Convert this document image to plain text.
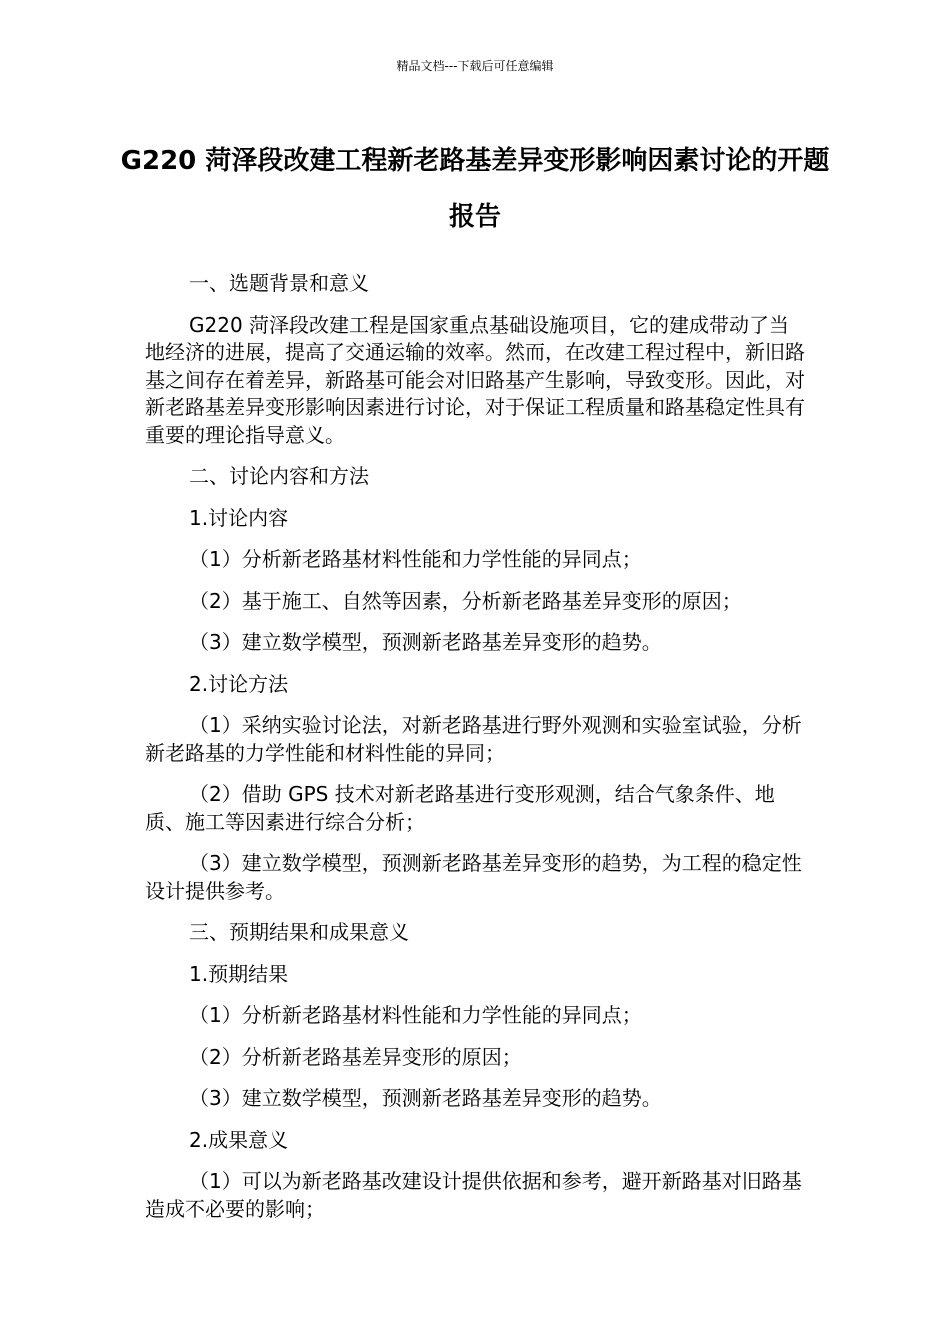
精品文档---下载后可任意编辑
G220 菏泽段改建工程新老路基差异变形影响因素讨论的开题报告

一、选题背景和意义

G220 菏泽段改建工程是国家重点基础设施项目，它的建成带动了当地经济的进展，提高了交通运输的效率。然而，在改建工程过程中，新旧路基之间存在着差异，新路基可能会对旧路基产生影响，导致变形。因此，对新老路基差异变形影响因素进行讨论，对于保证工程质量和路基稳定性具有重要的理论指导意义。

二、讨论内容和方法

1.讨论内容

（1）分析新老路基材料性能和力学性能的异同点；

（2）基于施工、自然等因素，分析新老路基差异变形的原因；

（3）建立数学模型，预测新老路基差异变形的趋势。

2.讨论方法

（1）采纳实验讨论法，对新老路基进行野外观测和实验室试验，分析新老路基的力学性能和材料性能的异同；

（2）借助 GPS 技术对新老路基进行变形观测，结合气象条件、地质、施工等因素进行综合分析；

（3）建立数学模型，预测新老路基差异变形的趋势，为工程的稳定性设计提供参考。

三、预期结果和成果意义

1.预期结果

（1）分析新老路基材料性能和力学性能的异同点；

（2）分析新老路基差异变形的原因；

（3）建立数学模型，预测新老路基差异变形的趋势。

2.成果意义

（1）可以为新老路基改建设计提供依据和参考，避开新路基对旧路基造成不必要的影响；
